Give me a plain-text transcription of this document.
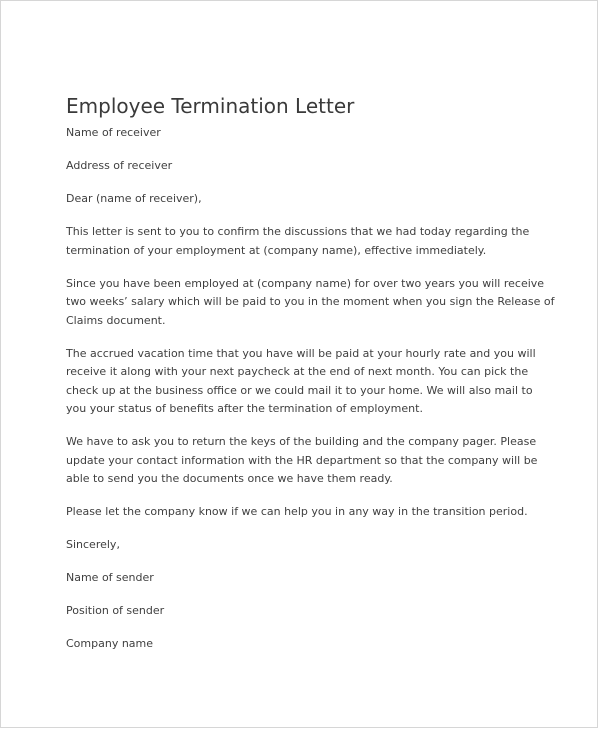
Employee Termination Letter
Name of receiver
Address of receiver
Dear (name of receiver),
This letter is sent to you to confirm the discussions that we had today regarding the termination of your employment at (company name), effective immediately.
Since you have been employed at (company name) for over two years you will receive two weeks’ salary which will be paid to you in the moment when you sign the Release of Claims document.
The accrued vacation time that you have will be paid at your hourly rate and you will receive it along with your next paycheck at the end of next month. You can pick the check up at the business office or we could mail it to your home. We will also mail to you your status of benefits after the termination of employment.
We have to ask you to return the keys of the building and the company pager. Please update your contact information with the HR department so that the company will be able to send you the documents once we have them ready.
Please let the company know if we can help you in any way in the transition period.
Sincerely,
Name of sender
Position of sender
Company name
